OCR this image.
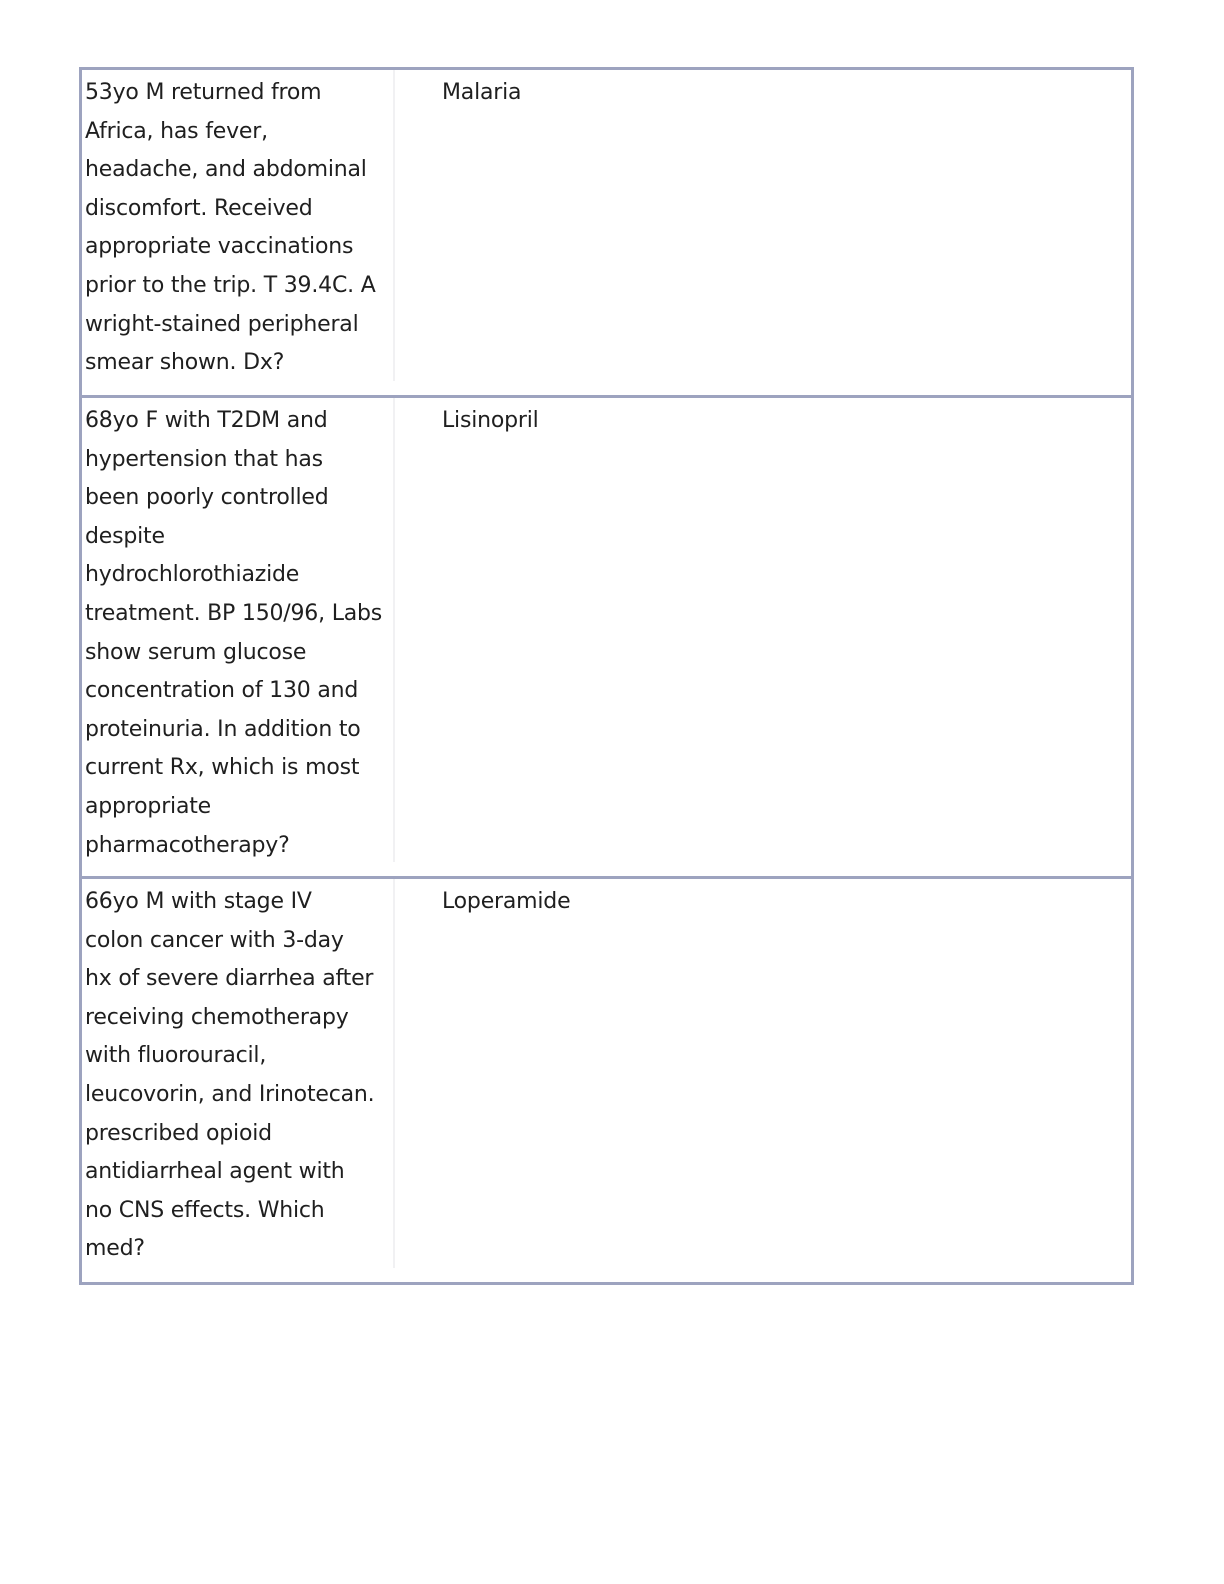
53yo M returned from
Africa, has fever,
headache, and abdominal
discomfort. Received
appropriate vaccinations
prior to the trip. T 39.4C. A
wright-stained peripheral
smear shown. Dx?
Malaria
68yo F with T2DM and
hypertension that has
been poorly controlled
despite
hydrochlorothiazide
treatment. BP 150/96, Labs
show serum glucose
concentration of 130 and
proteinuria. In addition to
current Rx, which is most
appropriate
pharmacotherapy?
Lisinopril
66yo M with stage IV
colon cancer with 3-day
hx of severe diarrhea after
receiving chemotherapy
with fluorouracil,
leucovorin, and Irinotecan.
prescribed opioid
antidiarrheal agent with
no CNS effects. Which
med?
Loperamide
